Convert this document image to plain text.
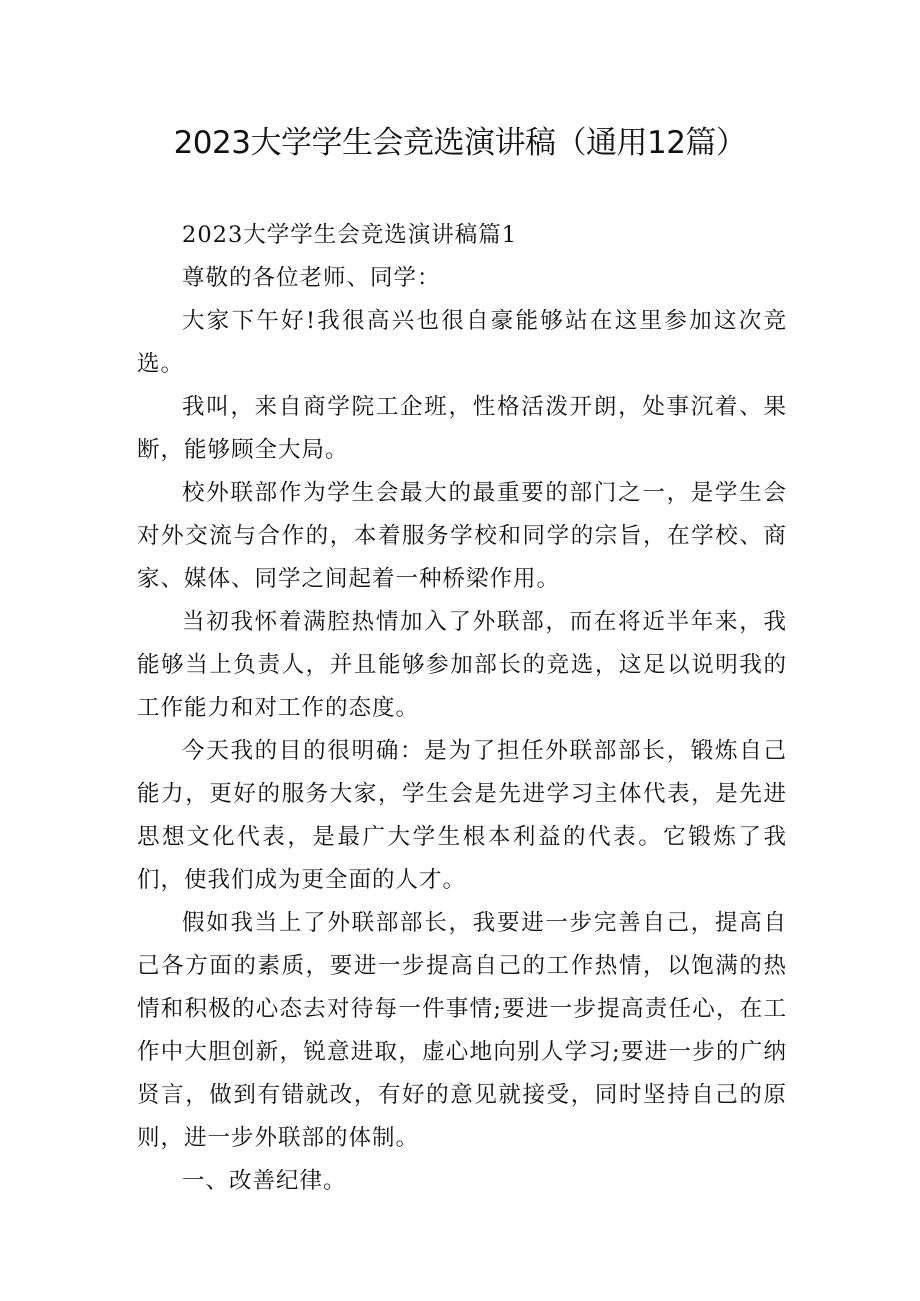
2023大学学生会竞选演讲稿（通用12篇）

2023大学学生会竞选演讲稿篇1

尊敬的各位老师、同学：

大家下午好!我很高兴也很自豪能够站在这里参加这次竞选。

我叫，来自商学院工企班，性格活泼开朗，处事沉着、果断，能够顾全大局。

校外联部作为学生会最大的最重要的部门之一，是学生会对外交流与合作的，本着服务学校和同学的宗旨，在学校、商家、媒体、同学之间起着一种桥梁作用。

当初我怀着满腔热情加入了外联部，而在将近半年来，我能够当上负责人，并且能够参加部长的竞选，这足以说明我的工作能力和对工作的态度。

今天我的目的很明确：是为了担任外联部部长，锻炼自己能力，更好的服务大家，学生会是先进学习主体代表，是先进思想文化代表，是最广大学生根本利益的代表。它锻炼了我们，使我们成为更全面的人才。

假如我当上了外联部部长，我要进一步完善自己，提高自己各方面的素质，要进一步提高自己的工作热情，以饱满的热情和积极的心态去对待每一件事情;要进一步提高责任心，在工作中大胆创新，锐意进取，虚心地向别人学习;要进一步的广纳贤言，做到有错就改，有好的意见就接受，同时坚持自己的原则，进一步外联部的体制。

一、改善纪律。
